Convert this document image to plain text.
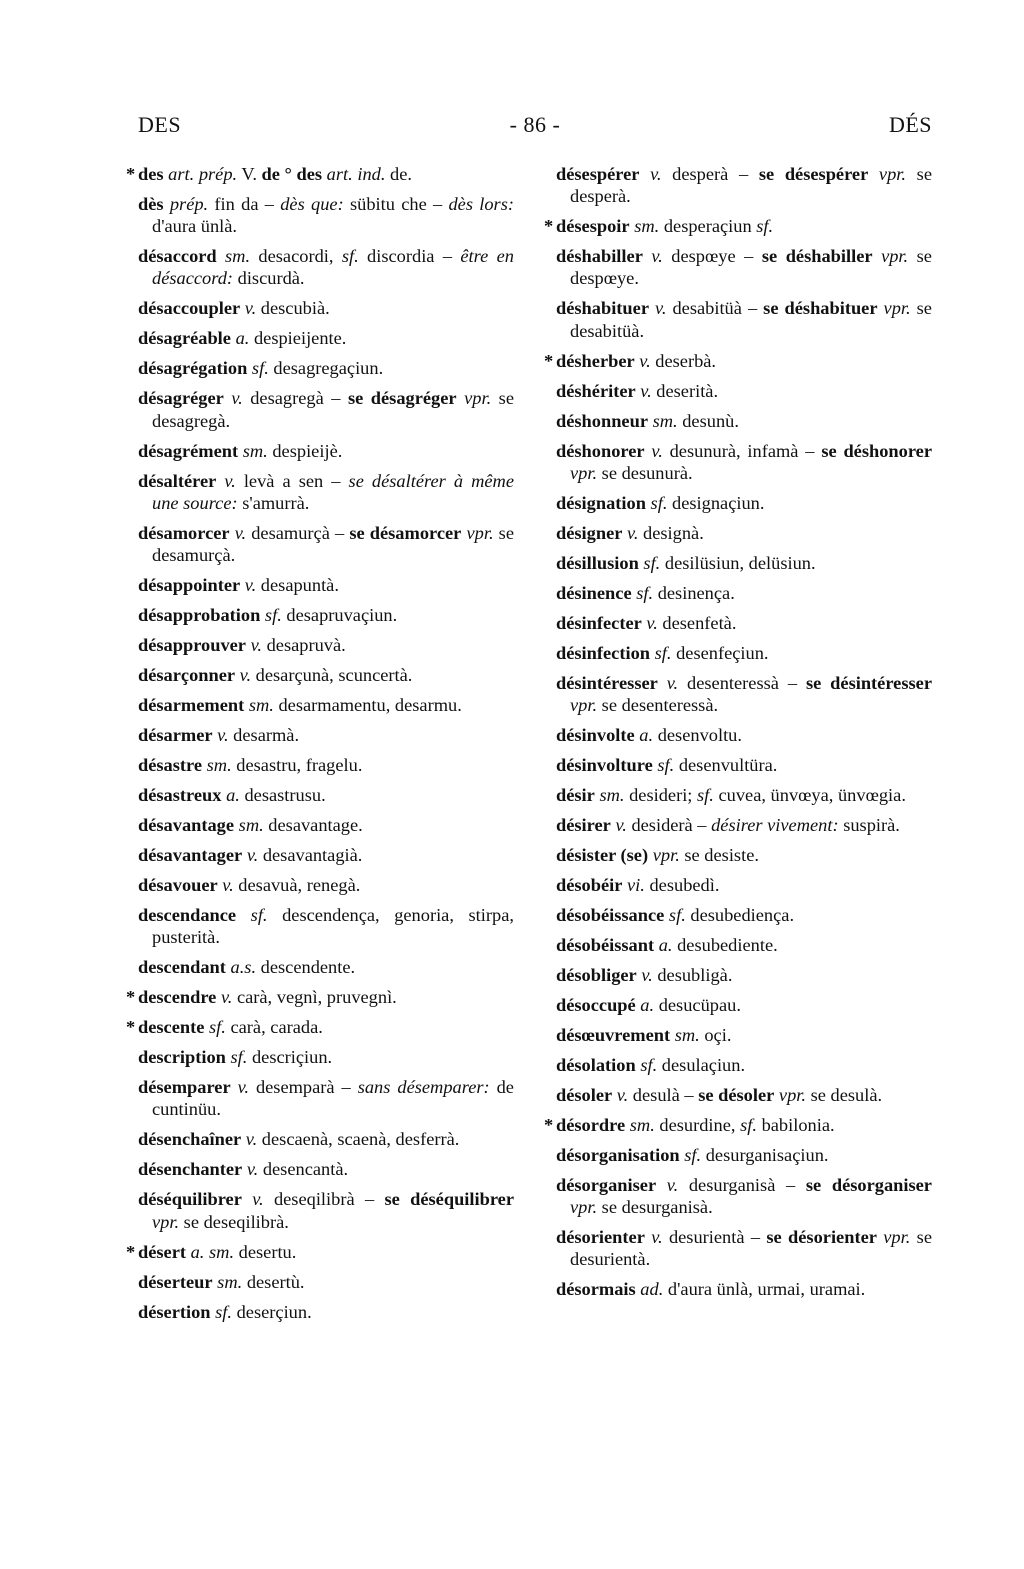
DES	- 86 -	DÉS
* des art. prép. V. de ° des art. ind. de.
dès prép. fin da – dès que: sübitu che – dès lors: d'aura ünlà.
désaccord sm. desacordi, sf. discordia – être en désaccord: discurdà.
désaccoupler v. descubià.
désagréable a. despieijente.
désagrégation sf. desagregaçiun.
désagréger v. desagregà – se désagréger vpr. se desagregà.
désagrément sm. despieijè.
désaltérer v. levà a sen – se désaltérer à même une source: s'amurrà.
désamorcer v. desamurçà – se désamorcer vpr. se desamurçà.
désappointer v. desapuntà.
désapprobation sf. desapruvaçiun.
désapprouver v. desapruvà.
désarçonner v. desarçunà, scuncertà.
désarmement sm. desarmamentu, desarmu.
désarmer v. desarmà.
désastre sm. desastru, fragelu.
désastreux a. desastrusu.
désavantage sm. desavantage.
désavantager v. desavantagià.
désavouer v. desavuà, renegà.
descendance sf. descendença, genoria, stirpa, pusterità.
descendant a.s. descendente.
* descendre v. carà, vegnì, pruvegnì.
* descente sf. carà, carada.
description sf. descriçiun.
désemparer v. desemparà – sans désemparer: de cuntinüu.
désenchaîner v. descaenà, scaenà, desferrà.
désenchanter v. desencantà.
déséquilibrer v. deseqilibrà – se déséquilibrer vpr. se deseqilibrà.
* désert a. sm. desertu.
déserteur sm. desertù.
désertion sf. deserçiun.
désespérer v. desperà – se désespérer vpr. se desperà.
* désespoir sm. desperaçiun sf.
déshabiller v. despœye – se déshabiller vpr. se despœye.
déshabituer v. desabitüà – se déshabituer vpr. se desabitüà.
* désherber v. deserbà.
déshériter v. deserità.
déshonneur sm. desunù.
déshonorer v. desunurà, infamà – se déshonorer vpr. se desunurà.
désignation sf. designaçiun.
désigner v. designà.
désillusion sf. desilüsiun, delüsiun.
désinence sf. desinença.
désinfecter v. desenfetà.
désinfection sf. desenfeçiun.
désintéresser v. desenteressà – se désintéresser vpr. se desenteressà.
désinvolte a. desenvoltu.
désinvolture sf. desenvultüra.
désir sm. desideri; sf. cuvea, ünvœya, ünvœgia.
désirer v. desiderà – désirer vivement: suspirà.
désister (se) vpr. se desiste.
désobéir vi. desubedì.
désobéissance sf. desubediença.
désobéissant a. desubediente.
désobliger v. desubligà.
désoccupé a. desucüpau.
désœuvrement sm. oçi.
désolation sf. desulaçiun.
désoler v. desulà – se désoler vpr. se desulà.
* désordre sm. desurdine, sf. babilonia.
désorganisation sf. desurganisaçiun.
désorganiser v. desurganisà – se désorganiser vpr. se desurganisà.
désorienter v. desurientà – se désorienter vpr. se desurientà.
désormais ad. d'aura ünlà, urmai, uramai.
